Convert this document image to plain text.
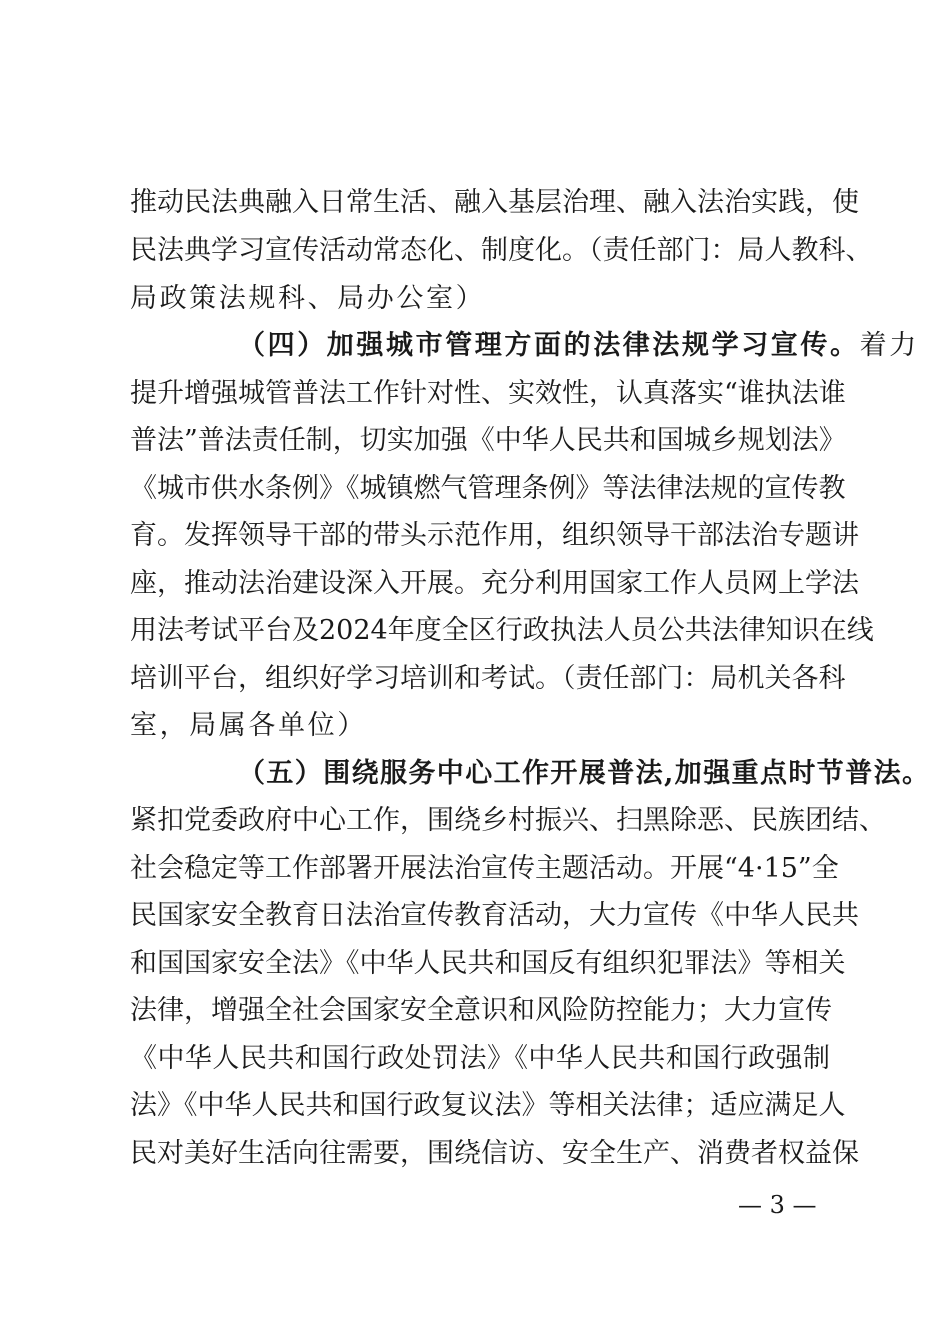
推动民法典融入日常生活、融入基层治理、融入法治实践，使
民法典学习宣传活动常态化、制度化。（责任部门：局人教科、
局政策法规科、局办公室）
（四）加强城市管理方面的法律法规学习宣传。 着力
提升增强城管普法工作针对性、实效性，认真落实“谁执法谁
普法”普法责任制，切实加强《中华人民共和国城乡规划法》
《城市供水条例》《城镇燃气管理条例》等法律法规的宣传教
育。发挥领导干部的带头示范作用，组织领导干部法治专题讲
座，推动法治建设深入开展。充分利用国家工作人员网上学法
用法考试平台及2024年度全区行政执法人员公共法律知识在线
培训平台，组织好学习培训和考试。（责任部门：局机关各科
室，局属各单位）
（五）围绕服务中心工作开展普法,加强重点时节普法。
紧扣党委政府中心工作，围绕乡村振兴、扫黑除恶、民族团结、
社会稳定等工作部署开展法治宣传主题活动。开展“4·15”全
民国家安全教育日法治宣传教育活动，大力宣传《中华人民共
和国国家安全法》《中华人民共和国反有组织犯罪法》等相关
法律，增强全社会国家安全意识和风险防控能力；大力宣传
《中华人民共和国行政处罚法》《中华人民共和国行政强制
法》《中华人民共和国行政复议法》等相关法律；适应满足人
民对美好生活向往需要，围绕信访、安全生产、消费者权益保
— 3 —
